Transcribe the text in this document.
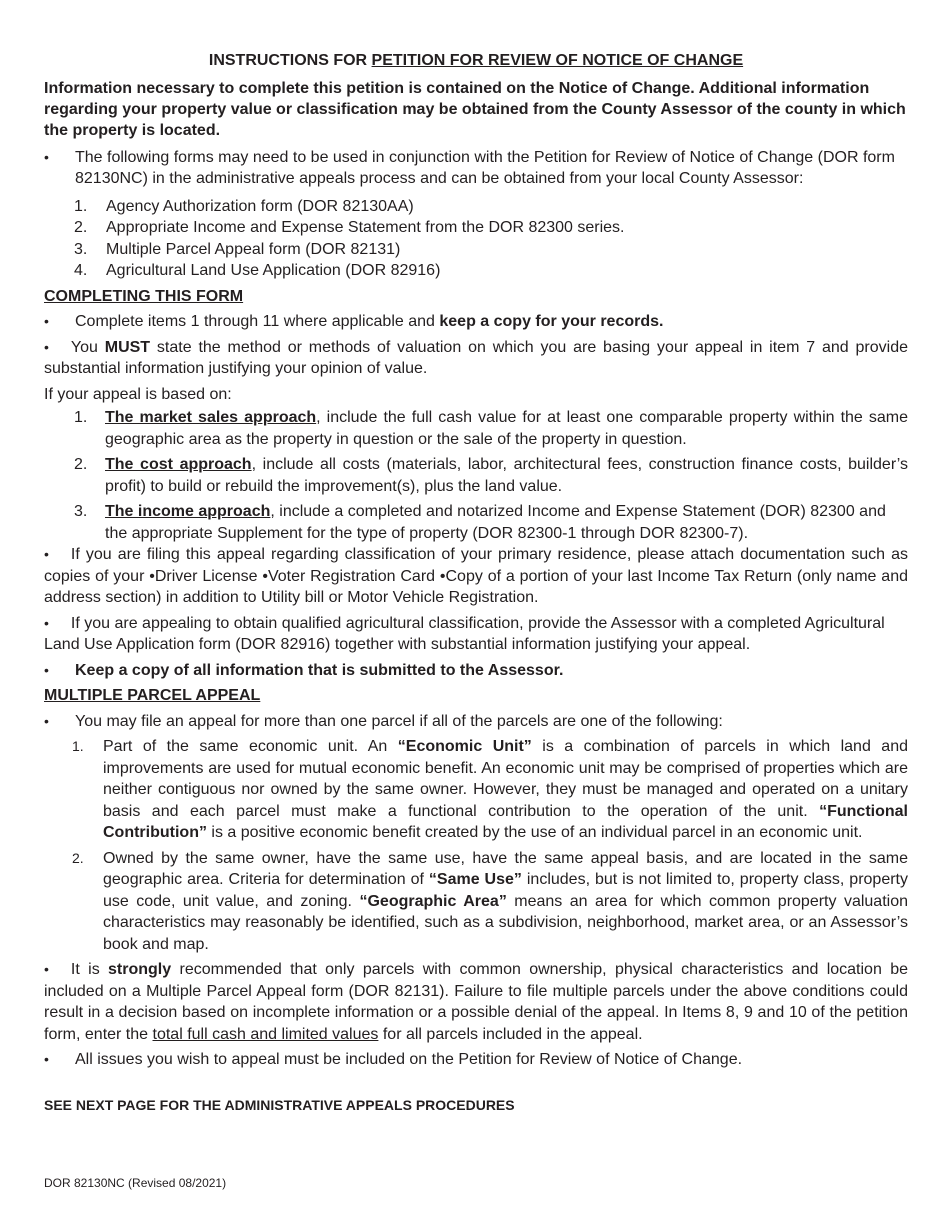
INSTRUCTIONS FOR PETITION FOR REVIEW OF NOTICE OF CHANGE
Information necessary to complete this petition is contained on the Notice of Change. Additional information regarding your property value or classification may be obtained from the County Assessor of the county in which the property is located.
• The following forms may need to be used in conjunction with the Petition for Review of Notice of Change (DOR form 82130NC) in the administrative appeals process and can be obtained from your local County Assessor:
1. Agency Authorization form (DOR 82130AA)
2. Appropriate Income and Expense Statement from the DOR 82300 series.
3. Multiple Parcel Appeal form (DOR 82131)
4. Agricultural Land Use Application (DOR 82916)
COMPLETING THIS FORM
• Complete items 1 through 11 where applicable and keep a copy for your records.
• You MUST state the method or methods of valuation on which you are basing your appeal in item 7 and provide substantial information justifying your opinion of value.
If your appeal is based on:
1. The market sales approach, include the full cash value for at least one comparable property within the same geographic area as the property in question or the sale of the property in question.
2. The cost approach, include all costs (materials, labor, architectural fees, construction finance costs, builder’s profit) to build or rebuild the improvement(s), plus the land value.
3. The income approach, include a completed and notarized Income and Expense Statement (DOR) 82300 and the appropriate Supplement for the type of property (DOR 82300-1 through DOR 82300-7).
• If you are filing this appeal regarding classification of your primary residence, please attach documentation such as copies of your •Driver License •Voter Registration Card •Copy of a portion of your last Income Tax Return (only name and address section) in addition to Utility bill or Motor Vehicle Registration.
• If you are appealing to obtain qualified agricultural classification, provide the Assessor with a completed Agricultural Land Use Application form (DOR 82916) together with substantial information justifying your appeal.
• Keep a copy of all information that is submitted to the Assessor.
MULTIPLE PARCEL APPEAL
• You may file an appeal for more than one parcel if all of the parcels are one of the following:
1. Part of the same economic unit. An “Economic Unit” is a combination of parcels in which land and improvements are used for mutual economic benefit. An economic unit may be comprised of properties which are neither contiguous nor owned by the same owner. However, they must be managed and operated on a unitary basis and each parcel must make a functional contribution to the operation of the unit. “Functional Contribution” is a positive economic benefit created by the use of an individual parcel in an economic unit.
2. Owned by the same owner, have the same use, have the same appeal basis, and are located in the same geographic area. Criteria for determination of “Same Use” includes, but is not limited to, property class, property use code, unit value, and zoning. “Geographic Area” means an area for which common property valuation characteristics may reasonably be identified, such as a subdivision, neighborhood, market area, or an Assessor’s book and map.
• It is strongly recommended that only parcels with common ownership, physical characteristics and location be included on a Multiple Parcel Appeal form (DOR 82131). Failure to file multiple parcels under the above conditions could result in a decision based on incomplete information or a possible denial of the appeal. In Items 8, 9 and 10 of the petition form, enter the total full cash and limited values for all parcels included in the appeal.
• All issues you wish to appeal must be included on the Petition for Review of Notice of Change.
SEE NEXT PAGE FOR THE ADMINISTRATIVE APPEALS PROCEDURES
DOR 82130NC (Revised 08/2021)
